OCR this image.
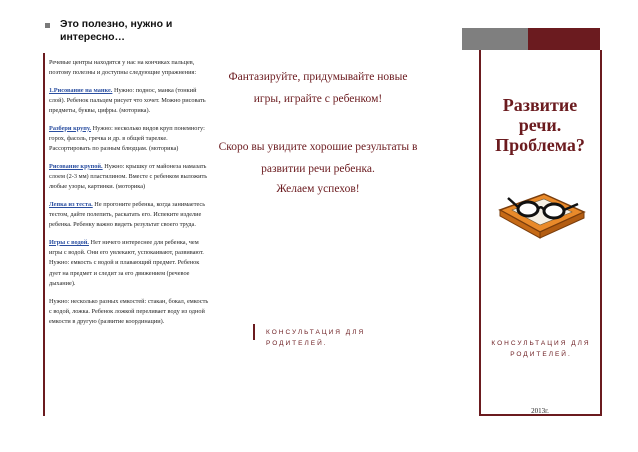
Это полезно, нужно и интересно…

Речевые центры находятся у нас на кончиках пальцев, поэтому полезны и доступны следующие упражнения:

1.Рисование на манке. Нужно: поднос, манка (тонкий слой). Ребенок пальцем рисует что хочет. Можно рисовать предметы, буквы, цифры. (моторика).

Разбери крупу. Нужно: несколько видов круп понемногу: горох, фасоль, гречка и др. в общей тарелке. Рассортировать по разным блюдцам. (моторика)

Рисование крупой. Нужно: крышку от майонеза намазать слоем (2-3 мм) пластилином. Вместе с ребенком выложить любые узоры, картинки. (моторика)

Лепка из теста. Не прогоните ребенка, когда занимаетесь тестом, дайте полепить, раскатать его. Испеките изделие ребенка. Ребенку важно видеть результат своего труда.

Игры с водой. Нет ничего интереснее для ребенка, чем игры с водой. Они его увлекают, успокаивают, развивают. Нужно: емкость с водой и плавающий предмет. Ребенок дует на предмет и следит за его движением (речевое дыхание).

Нужно: несколько разных емкостей: стакан, бокал, емкость с водой, ложка. Ребенок ложкой переливает воду из одной емкости в другую (развитие координации).

Фантазируйте, придумывайте новые игры, играйте с ребенком!
Скоро вы увидите хорошие результаты в развитии речи ребенка.
Желаем успехов!
КОНСУЛЬТАЦИЯ ДЛЯ РОДИТЕЛЕЙ.
Развитие речи. Проблема?
КОНСУЛЬТАЦИЯ ДЛЯ РОДИТЕЛЕЙ.
2013г.
